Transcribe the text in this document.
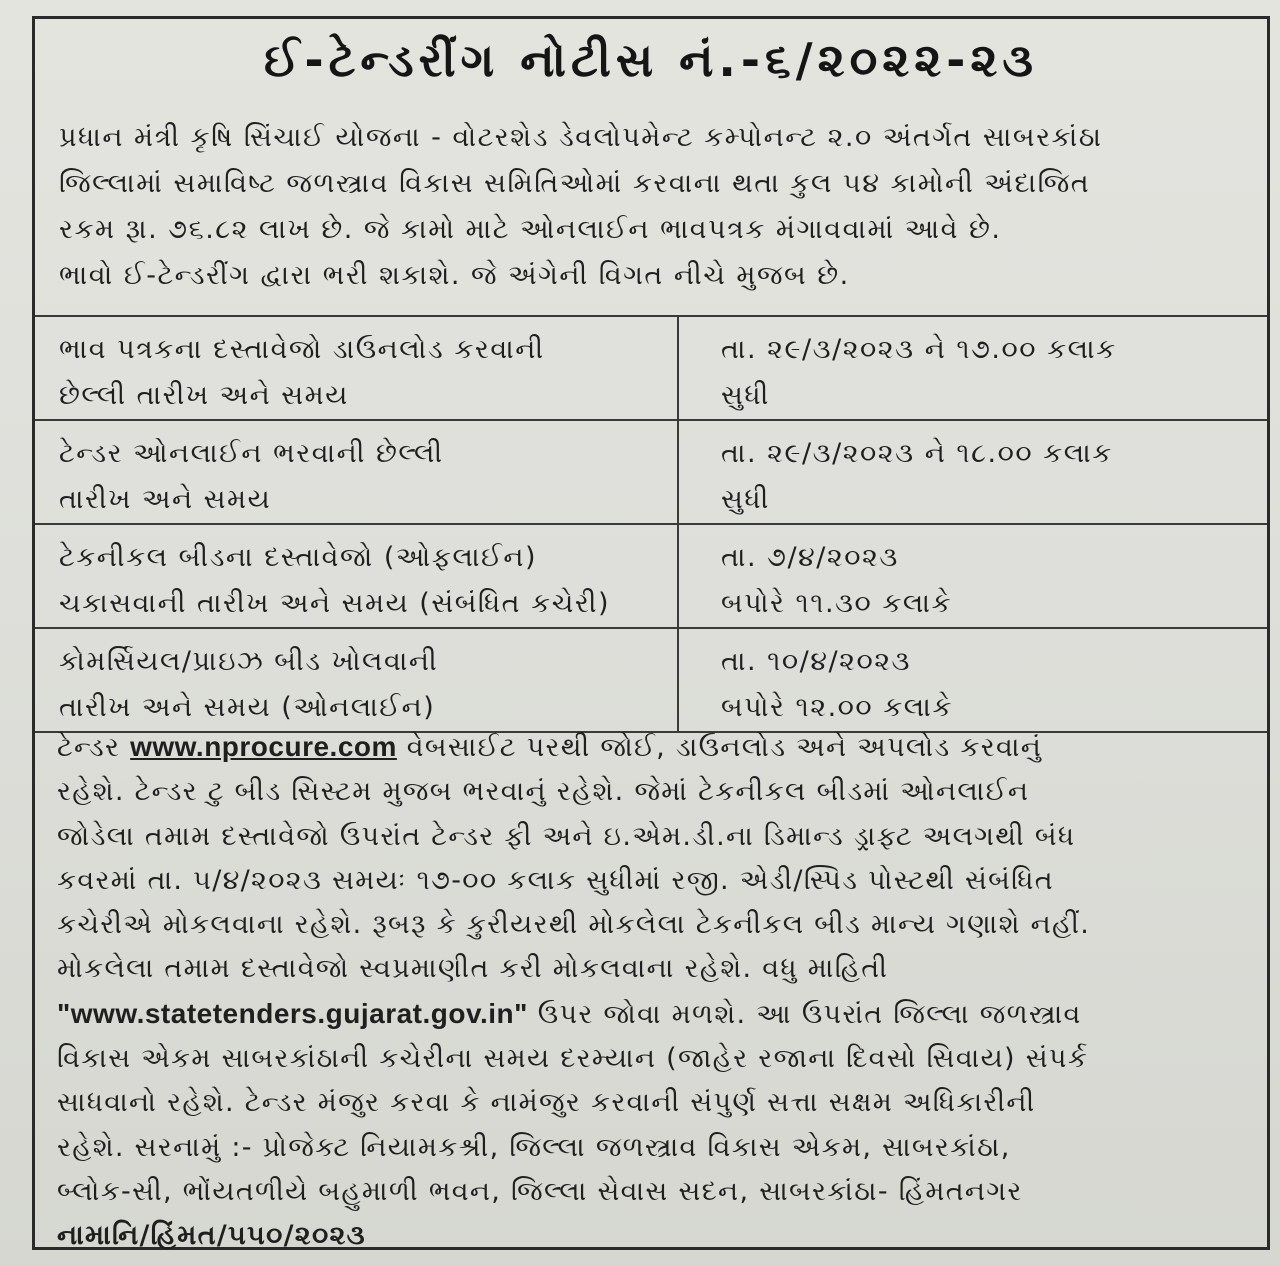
ઈ-ટેન્ડરીંગ નોટીસ નં.-૬/૨૦૨૨-૨૩
પ્રધાન મંત્રી કૃષિ સિંચાઈ યોજના - વોટરશેડ ડેવલોપમેન્ટ કમ્પોનન્ટ ૨.૦ અંતર્ગત સાબરકાંઠા
જિલ્લામાં સમાવિષ્ટ જળસ્ત્રાવ વિકાસ સમિતિઓમાં કરવાના થતા કુલ ૫૪ કામોની અંદાજિત
રકમ રૂા. ૭૬.૮૨ લાખ છે. જે કામો માટે ઓનલાઈન ભાવપત્રક મંગાવવામાં આવે છે.
ભાવો ઈ-ટેન્ડરીંગ દ્વારા ભરી શકાશે. જે અંગેની વિગત નીચે મુજબ છે.
ભાવ પત્રકના દસ્તાવેજો ડાઉનલોડ કરવાની
છેલ્લી તારીખ અને સમય	તા. ૨૯/૩/૨૦૨૩ ને ૧૭.૦૦ કલાક
સુધી

ટેન્ડર ઓનલાઈન ભરવાની છેલ્લી
તારીખ અને સમય	તા. ૨૯/૩/૨૦૨૩ ને ૧૮.૦૦ કલાક
સુધી

ટેકનીકલ બીડના દસ્તાવેજો (ઓફલાઈન)
ચકાસવાની તારીખ અને સમય (સંબંધિત કચેરી)	તા. ૭/૪/૨૦૨૩
બપોરે ૧૧.૩૦ કલાકે

કોમર્સિયલ/પ્રાઇઝ બીડ ખોલવાની
તારીખ અને સમય (ઓનલાઈન)	તા. ૧૦/૪/૨૦૨૩
બપોરે ૧૨.૦૦ કલાકે
ટેન્ડર www.nprocure.com વેબસાઈટ પરથી જોઈ, ડાઉનલોડ અને અપલોડ કરવાનું
રહેશે. ટેન્ડર ટુ બીડ સિસ્ટમ મુજબ ભરવાનું રહેશે. જેમાં ટેકનીકલ બીડમાં ઓનલાઈન
જોડેલા તમામ દસ્તાવેજો ઉપરાંત ટેન્ડર ફી અને ઇ.એમ.ડી.ના ડિમાન્ડ ડ્રાફ્ટ અલગથી બંધ
કવરમાં તા. ૫/૪/૨૦૨૩ સમયઃ ૧૭-૦૦ કલાક સુધીમાં રજી. એડી/સ્પિડ પોસ્ટથી સંબંધિત
કચેરીએ મોકલવાના રહેશે. રૂબરૂ કે કુરીયરથી મોકલેલા ટેકનીકલ બીડ માન્ય ગણાશે નહીં.
મોકલેલા તમામ દસ્તાવેજો સ્વપ્રમાણીત કરી મોકલવાના રહેશે. વધુ માહિતી
"www.statetenders.gujarat.gov.in" ઉપર જોવા મળશે. આ ઉપરાંત જિલ્લા જળસ્ત્રાવ
વિકાસ એકમ સાબરકાંઠાની કચેરીના સમય દરમ્યાન (જાહેર રજાના દિવસો સિવાય) સંપર્ક
સાધવાનો રહેશે. ટેન્ડર મંજુર કરવા કે નામંજુર કરવાની સંપુર્ણ સત્તા સક્ષમ અધિકારીની
રહેશે. સરનામું :- પ્રોજેક્ટ નિયામકશ્રી, જિલ્લા જળસ્ત્રાવ વિકાસ એકમ, સાબરકાંઠા,
બ્લોક-સી, ભોંયતળીયે બહુમાળી ભવન, જિલ્લા સેવાસ સદન, સાબરકાંઠા- હિંમતનગર
નામાનિ/હિંમત/૫૫૦/૨૦૨૩
